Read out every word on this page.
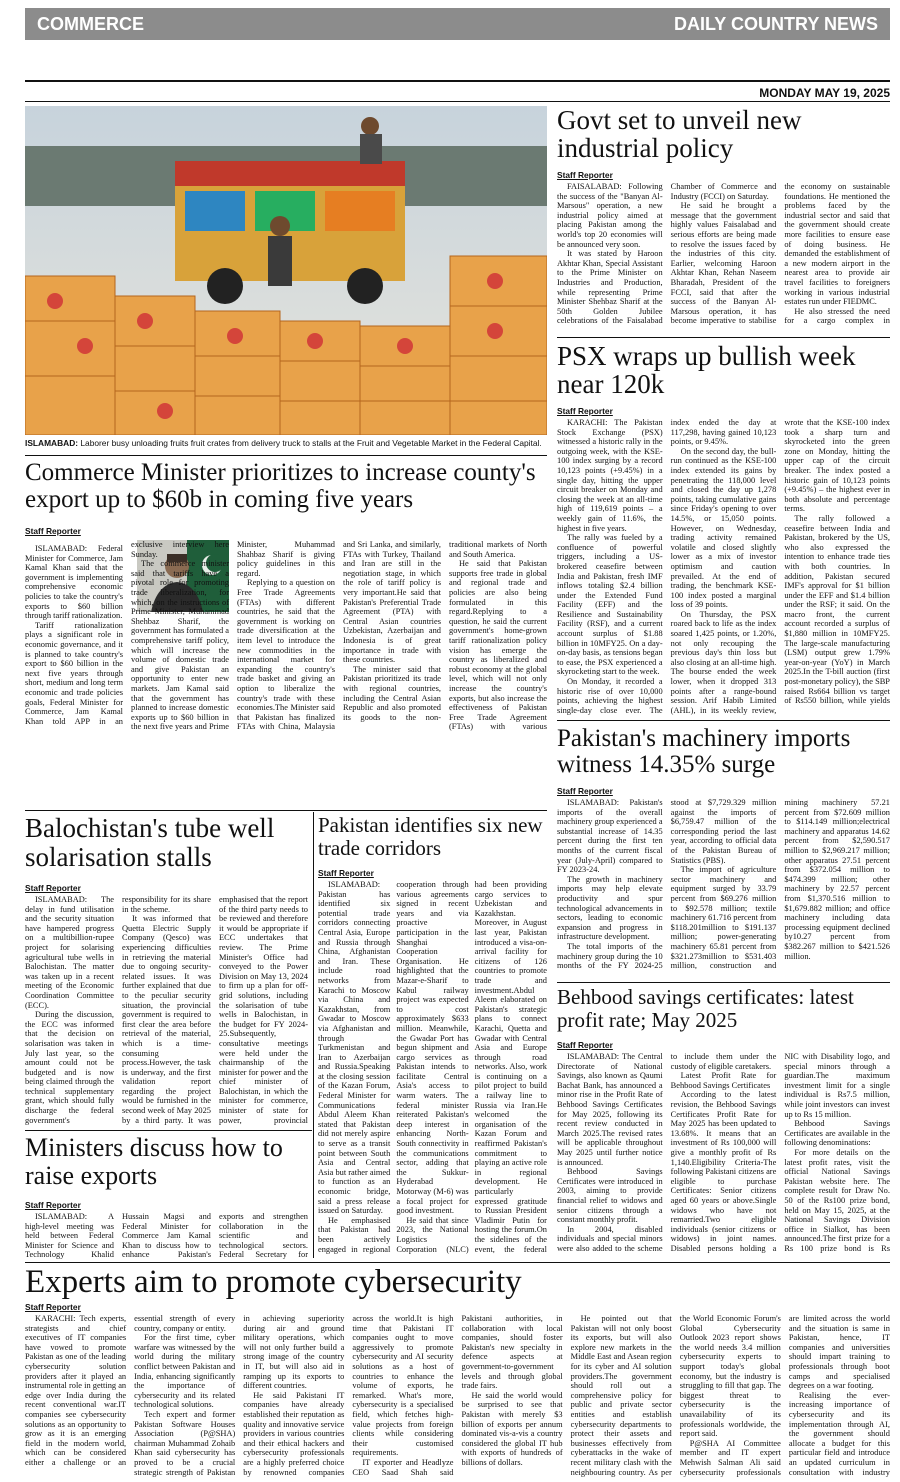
COMMERCE	DAILY COUNTRY NEWS
MONDAY MAY 19, 2025
ISLAMABAD: Laborer busy unloading fruits fruit crates from delivery truck to stalls at the Fruit and Vegetable Market in the Federal Capital.
Govt set to unveil new industrial policy
Staff Reporter

FAISALABAD: Following the success of the "Banyan Al-Marsous" operation, a new industrial policy aimed at placing Pakistan among the world's top 20 economies will be announced very soon.

It was stated by Haroon Akhtar Khan, Special Assistant to the Prime Minister on Industries and Production, while representing Prime Minister Shehbaz Sharif at the 50th Golden Jubilee celebrations of the Faisalabad Chamber of Commerce and Industry (FCCI) on Saturday.

He said he brought a message that the government highly values Faisalabad and serious efforts are being made to resolve the issues faced by the industries of this city. Earlier, welcoming Haroon Akhtar Khan, Rehan Naseem Bharadah, President of the FCCI, said that after the success of the Banyan Al-Marsous operation, it has become imperative to stabilise the economy on sustainable foundations. He mentioned the problems faced by the industrial sector and said that the government should create more facilities to ensure ease of doing business. He demanded the establishment of a new modern airport in the nearest area to provide air travel facilities to foreigners working in various industrial estates run under FIEDMC.

He also stressed the need for a cargo complex in

PSX wraps up bullish week near 120k
Staff Reporter

KARACHI: The Pakistan Stock Exchange (PSX) witnessed a historic rally in the outgoing week, with the KSE-100 index surging by a record 10,123 points (+9.45%) in a single day, hitting the upper circuit breaker on Monday and closing the week at an all-time high of 119,619 points – a weekly gain of 11.6%, the highest in five years.

The rally was fueled by a confluence of powerful triggers, including a US-brokered ceasefire between India and Pakistan, fresh IMF inflows totaling $2.4 billion under the Extended Fund Facility (EFF) and the Resilience and Sustainability Facility (RSF), and a current account surplus of $1.88 billion in 10MFY25. On a day-on-day basis, as tensions began to ease, the PSX experienced a skyrocketing start to the week.

On Monday, it recorded a historic rise of over 10,000 points, achieving the highest single-day close ever. The index ended the day at 117,298, having gained 10,123 points, or 9.45%.

On the second day, the bull-run continued as the KSE-100 index extended its gains by penetrating the 118,000 level and closed the day up 1,278 points, taking cumulative gains since Friday's opening to over 14.5%, or 15,050 points. However, on Wednesday, trading activity remained volatile and closed slightly lower as a mix of investor optimism and caution prevailed. At the end of trading, the benchmark KSE-100 index posted a marginal loss of 39 points.

On Thursday, the PSX roared back to life as the index soared 1,425 points, or 1.20%, not only recouping the previous day's thin loss but also closing at an all-time high. The bourse ended the week lower, when it dropped 313 points after a range-bound session. Arif Habib Limited (AHL), in its weekly review, wrote that the KSE-100 index took a sharp turn and skyrocketed into the green zone on Monday, hitting the upper cap of the circuit breaker. The index posted a historic gain of 10,123 points (+9.45%) – the highest ever in both absolute and percentage terms.

The rally followed a ceasefire between India and Pakistan, brokered by the US, who also expressed the intention to enhance trade ties with both countries. In addition, Pakistan secured IMF's approval for $1 billion under the EFF and $1.4 billion under the RSF; it said. On the macro front, the current account recorded a surplus of $1,880 million in 10MFY25. The large-scale manufacturing (LSM) output grew 1.79% year-on-year (YoY) in March 2025.In the T-bill auction (first post-monetary policy), the SBP raised Rs664 billion vs target of Rs550 billion, while yields

Commerce Minister prioritizes to increase county's export up to $60b in coming five years
Staff Reporter

ISLAMABAD: Federal Minister for Commerce, Jam Kamal Khan said that the government is implementing comprehensive economic policies to take the country's exports to $60 billion through tariff rationalization.

Tariff rationalization plays a significant role in economic governance, and it is planned to take country's export to $60 billion in the next five years through short, medium and long term economic and trade policies goals, Federal Minister for Commerce, Jam Kamal Khan told APP in an exclusive interview here Sunday.

The commerce minister said that tariffs have a pivotal role for promoting trade liberalization, for which, on the instructions of Prime Minister, Muhammad Shehbaz Sharif, the government has formulated a comprehensive tariff policy, which will increase the volume of domestic trade and give Pakistan an opportunity to enter new markets. Jam Kamal said that the government has planned to increase domestic exports up to $60 billion in the next five years and Prime Minister, Muhammad Shahbaz Sharif is giving policy guidelines in this regard.

Replying to a question on Free Trade Agreements (FTAs) with different countries, he said that the government is working on trade diversification at the item level to introduce the new commodities in the international market for expanding the country's trade basket and giving an option to liberalize the country's trade with these economies.The Minister said that Pakistan has finalized FTAs with China, Malaysia and Sri Lanka, and similarly, FTAs with Turkey, Thailand and Iran are still in the negotiation stage, in which the role of tariff policy is very important.He said that Pakistan's Preferential Trade Agreement (PTA) with Central Asian countries Uzbekistan, Azerbaijan and Indonesia is of great importance in trade with these countries.

The minister said that Pakistan prioritized its trade with regional countries, including the Central Asian Republic and also promoted its goods to the non-traditional markets of North and South America.

He said that Pakistan supports free trade in global and regional trade and policies are also being formulated in this regard.Replying to a question, he said the current government's home-grown tariff rationalization policy vision has emerge the country as liberalized and robust economy at the global level, which will not only increase the country's exports, but also increase the effectiveness of Pakistan Free Trade Agreement (FTAs) with various Pakistan's machinery imports witness 14.35% surge
Staff Reporter

ISLAMABAD: Pakistan's imports of the overall machinery group experienced a substantial increase of 14.35 percent during the first ten months of the current fiscal year (July-April) compared to FY 2023-24.

The growth in machinery imports may help elevate productivity and spur technological advancements in sectors, leading to economic expansion and progress in infrastructure development.

The total imports of the machinery group during the 10 months of the FY 2024-25 stood at $7,729.329 million against the imports of $6,759.47 million of the corresponding period the last year, according to official data of the Pakistan Bureau of Statistics (PBS).

The import of agriculture sector machinery and equipment surged by 33.79 percent from $69.276 million to $92.578 million; textile machinery 61.716 percent from $118.201million to $191.137 million; power-generating machinery 65.81 percent from $321.273million to $531.403 million, construction and mining machinery 57.21 percent from $72.609 million to $114.149 million;electrical machinery and apparatus 14.62 percent from $2,590.517 million to $2,969.217 million; other apparatus 27.51 percent from $372.054 million to $474.399 million; other machinery by 22.57 percent from $1,370.516 million to $1,679.882 million; and office machinery including data processing equipment declined by10.27 percent from $382.267 million to $421.526 million.

Balochistan's tube well solarisation stalls
Staff Reporter

ISLAMABAD: The delay in fund utilisation and the security situation have hampered progress on a multibillion-rupee project for solarising agricultural tube wells in Balochistan. The matter was taken up in a recent meeting of the Economic Coordination Committee (ECC).

During the discussion, the ECC was informed that the decision on solarisation was taken in July last year, so the amount could not be budgeted and is now being claimed through the technical supplementary grant, which should fully discharge the federal government's responsibility for its share in the scheme.

It was informed that Quetta Electric Supply Company (Qesco) was experiencing difficulties in retrieving the material due to ongoing security-related issues. It was further explained that due to the peculiar security situation, the provincial government is required to first clear the area before retrieval of the material, which is a time-consuming process.However, the task is underway, and the first validation report regarding the project would be furnished in the second week of May 2025 by a third party. It was emphasised that the report of the third party needs to be reviewed and therefore it would be appropriate if ECC undertakes that review. The Prime Minister's Office had conveyed to the Power Division on May 13, 2024 to firm up a plan for off-grid solutions, including the solarisation of tube wells in Balochistan, in the budget for FY 2024-25.Subsequently, consultative meetings were held under the chairmanship of the minister for power and the chief minister of Balochistan, in which the minister for commerce, minister of state for power, provincial

Pakistan identifies six new trade corridors
Staff Reporter

ISLAMABAD: Pakistan has identified six potential trade corridors connecting Central Asia, Europe and Russia through China, Afghanistan and Iran. These include road networks from Karachi to Moscow via China and Kazakhstan, from Gwadar to Moscow via Afghanistan and through Turkmenistan and Iran to Azerbaijan and Russia.Speaking at the closing session of the Kazan Forum, Federal Minister for Communications Abdul Aleem Khan stated that Pakistan did not merely aspire to serve as a transit point between South Asia and Central Asia but rather aimed to function as an economic bridge, said a press release issued on Saturday.

He emphasised that Pakistan had been actively engaged in regional cooperation through various agreements signed in recent years and via proactive participation in the Shanghai Cooperation Organisation. He highlighted that the Mazar-e-Sharif to Kabul railway project was expected to cost approximately $633 million. Meanwhile, the Gwadar Port has begun shipment and cargo services as Pakistan intends to facilitate Central Asia's access to warm waters. The federal minister reiterated Pakistan's deep interest in enhancing North-South connectivity in the communications sector, adding that the Sukkur-Hyderabad Motorway (M-6) was a focal project for good investment.

He said that since 2023, the National Logistics Corporation (NLC) had been providing cargo services to Uzbekistan and Kazakhstan. Moreover, in August last year, Pakistan introduced a visa-on-arrival facility for citizens of 126 countries to promote trade and investment.Abdul Aleem elaborated on Pakistan's strategic plans to connect Karachi, Quetta and Gwadar with Central Asia and Europe through road networks. Also, work is continuing on a pilot project to build a railway line to Russia via Iran.He welcomed the organisation of the Kazan Forum and reaffirmed Pakistan's commitment to playing an active role in regional development. He particularly expressed gratitude to Russian President Vladimir Putin for hosting the forum.On the sidelines of the event, the federal

Behbood savings certificates: latest profit rate; May 2025
Staff Reporter

ISLAMABAD: The Central Directorate of National Savings, also known as Qaumi Bachat Bank, has announced a minor rise in the Profit Rate of Behbood Savings Certificates for May 2025, following its recent review conducted in March 2025.The revised rates will be applicable throughout May 2025 until further notice is announced.

Behbood Savings Certificates were introduced in 2003, aiming to provide financial relief to widows and senior citizens through a constant monthly profit.

In 2004, disabled individuals and special minors were also added to the scheme to include them under the custody of eligible caretakers.

Latest Profit Rate for Behbood Savings Certificates

According to the latest revision, the Behbood Savings Certificates Profit Rate for May 2025 has been updated to 13.68%. It means that an investment of Rs 100,000 will give a monthly profit of Rs 1,140.Eligibility Criteria-The following Pakistani citizens are eligible to purchase Certificates: Senior citizens aged 60 years or above.Single widows who have not remarried.Two eligible individuals (senior citizens or widows) in joint names. Disabled persons holding a NIC with Disability logo, and special minors through a guardian.The maximum investment limit for a single individual is Rs7.5 million, while joint investors can invest up to Rs 15 million.

Behbood Savings Certificates are available in the following denominations:

For more details on the latest profit rates, visit the official National Savings Pakistan website here. The complete result for Draw No. 50 of the Rs100 prize bond, held on May 15, 2025, at the National Savings Division office in Sialkot, has been announced.The first prize for a Rs 100 prize bond is Rs

Ministers discuss how to raise exports
Staff Reporter

ISLAMABAD: A high-level meeting was held between Federal Minister for Science and Technology Khalid Hussain Magsi and Federal Minister for Commerce Jam Kamal Khan to discuss how to enhance Pakistan's exports and strengthen collaboration in the scientific and technological sectors. Federal Secretary for

Experts aim to promote cybersecurity
Staff Reporter

KARACHI: Tech experts, strategists and chief executives of IT companies have vowed to promote Pakistan as one of the leading cybersecurity solution providers after it played an instrumental role in getting an edge over India during the recent conventional war.IT companies see cybersecurity solutions as an opportunity to grow as it is an emerging field in the modern world, which can be considered either a challenge or an essential strength of every country, company or entity.

For the first time, cyber warfare was witnessed by the world during the military conflict between Pakistan and India, enhancing significantly the importance of cybersecurity and its related technological solutions.

Tech expert and former Pakistan Software Houses Association (P@SHA) chairman Muhammad Zohaib Khan said cybersecurity has proved to be a crucial strategic strength of Pakistan in achieving superiority during air and ground military operations, which will not only further build a strong image of the country in IT, but will also aid in ramping up its exports to different countries.

He said Pakistani IT companies have already established their reputation as quality and innovative service providers in various countries and their ethical hackers and cybersecurity professionals are a highly preferred choice by renowned companies across the world.It is high time that Pakistani IT companies ought to move aggressively to promote cybersecurity and AI security solutions as a host of countries to enhance the volume of exports, he remarked. What's more, cybersecurity is a specialised field, which fetches high-value projects from foreign clients while considering their customised requirements.

IT exporter and Headlyze CEO Saad Shah said Pakistani authorities, in collaboration with local companies, should foster Pakistan's new specialty in defence aspects at government-to-government levels and through global trade fairs.

He said the world would be surprised to see that Pakistan with merely $3 billion of exports per annum dominated vis-a-vis a country considered the global IT hub with exports of hundreds of billions of dollars.

He pointed out that Pakistan will not only boost its exports, but will also explore new markets in the Middle East and Asean region for its cyber and AI solution providers.The government should roll out a comprehensive policy for public and private sector entities and establish cybersecurity departments to protect their assets and businesses effectively from cyberattacks in the wake of recent military clash with the neighbouring country. As per the World Economic Forum's Global Cybersecurity Outlook 2023 report shows the world needs 3.4 million cybersecurity experts to support today's global economy, but the industry is struggling to fill that gap. The biggest threat to cybersecurity is the unavailability of its professionals worldwide, the report said.

P@SHA AI Committee member and IT expert Mehwish Salman Ali said cybersecurity professionals are limited across the world and the situation is same in Pakistan, hence, IT companies and universities should impart training to professionals through boot camps and specialised degrees on a war footing.

Realising the ever-increasing importance of cybersecurity and its implementation through AI, the government should allocate a budget for this particular field and introduce an updated curriculum in consultation with industry
